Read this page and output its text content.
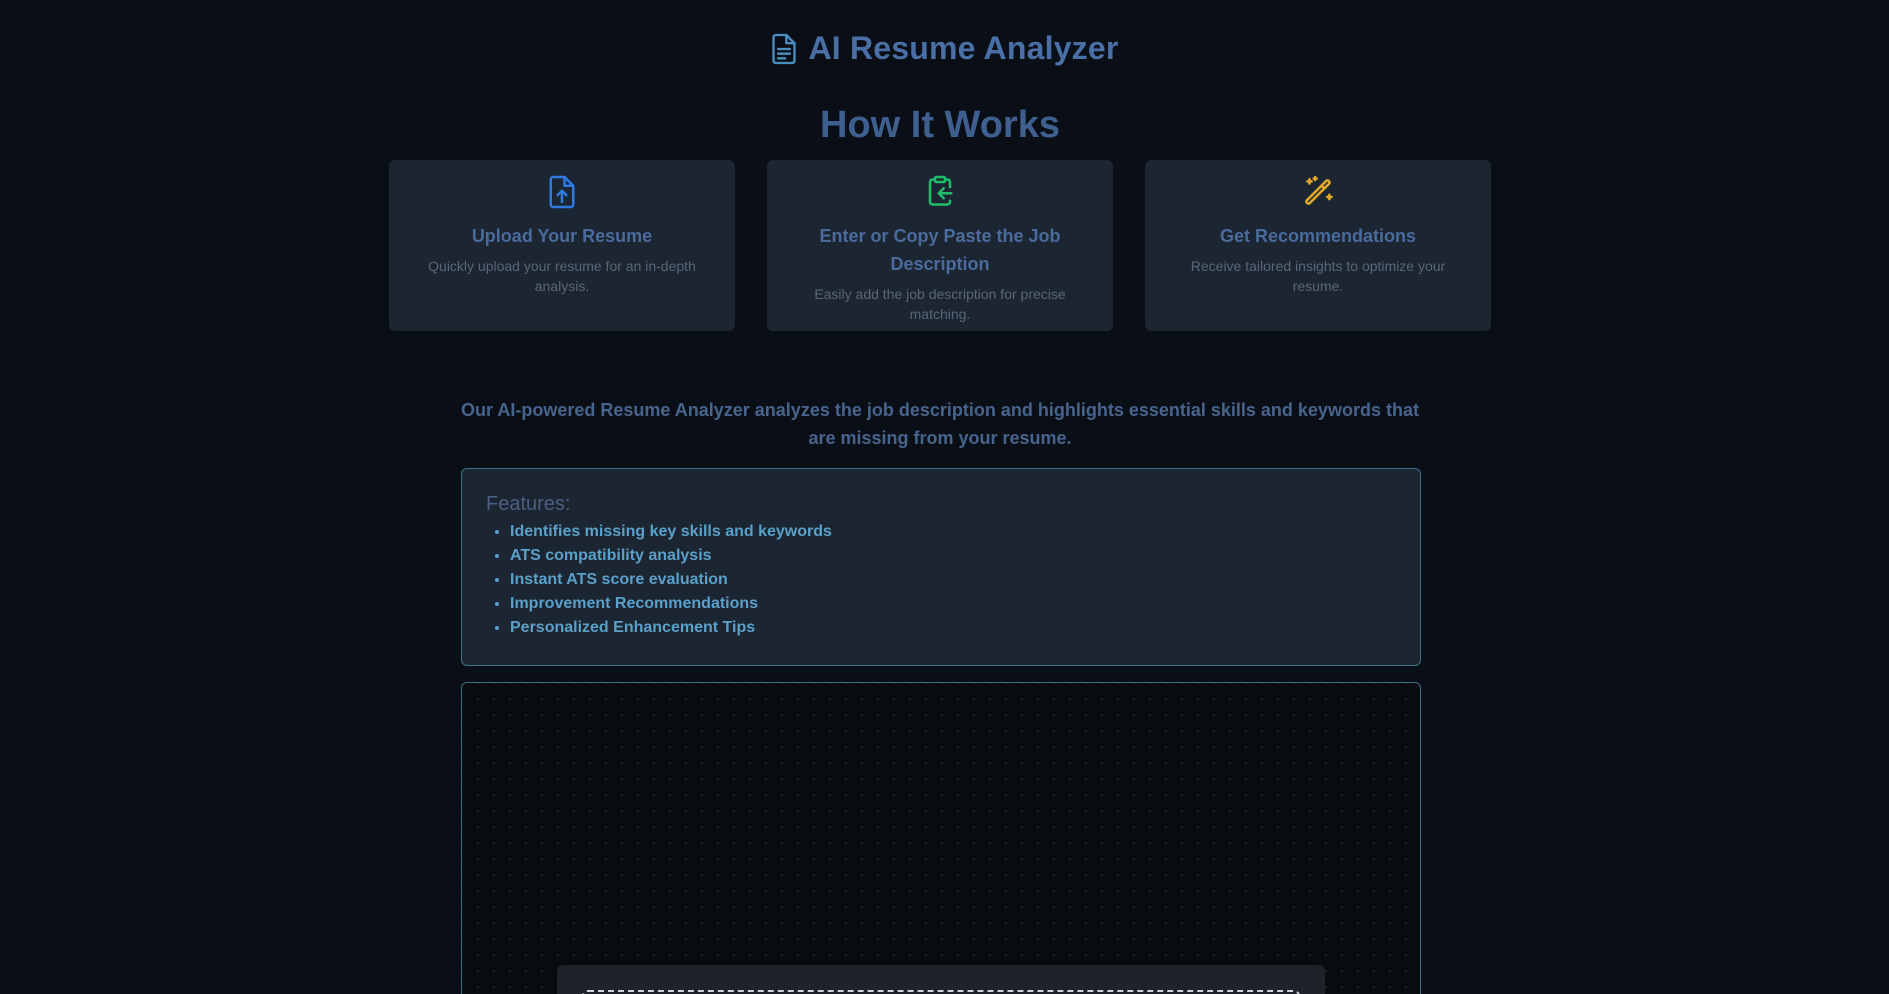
AI Resume Analyzer
How It Works
Upload Your Resume
Quickly upload your resume for an in-depth analysis.
Enter or Copy Paste the Job Description
Easily add the job description for precise matching.
Get Recommendations
Receive tailored insights to optimize your resume.

Our AI-powered Resume Analyzer analyzes the job description and highlights essential skills and keywords that are missing from your resume.

Features:
• Identifies missing key skills and keywords
• ATS compatibility analysis
• Instant ATS score evaluation
• Improvement Recommendations
• Personalized Enhancement Tips
